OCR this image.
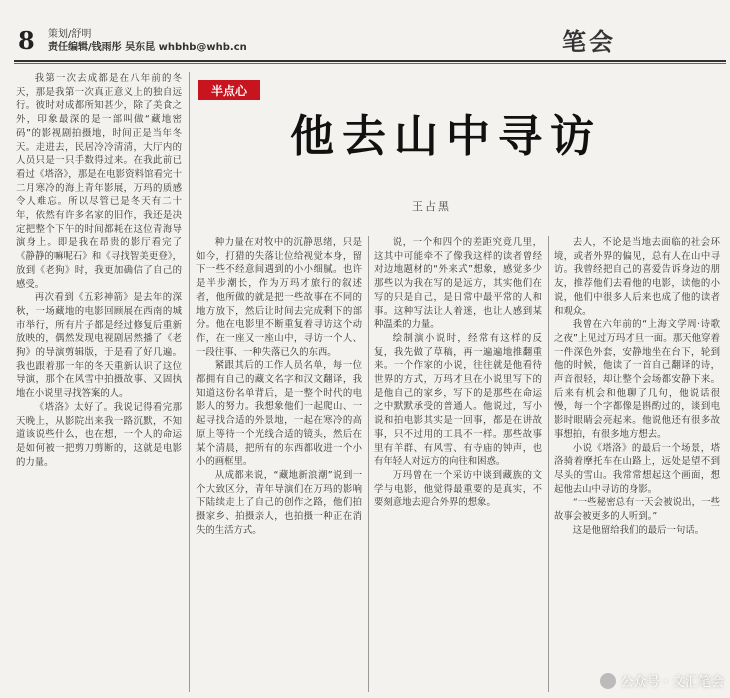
8 策划/舒明
责任编辑/钱雨彤 吴东昆 whbhb@whb.cn	笔会
半点心
他去山中寻访
王占黑

我第一次去成都是在八年前的冬天，那是我第一次真正意义上的独自远行。彼时对成都所知甚少，除了美食之外，印象最深的是一部叫做“藏地密码”的影视剧拍摄地，时间正是当年冬天。走进去，民居冷冷清清，大厅内的人员只是一只手数得过来。在我此前已看过《塔洛》，那是在电影资料馆看完十二月寒冷的海上青年影展，万玛的质感令人难忘。所以尽管已是冬天有二十年，依然有许多名家的旧作，我还是决定把整个下午的时间都耗在这位青海导演身上。即是我在昂贵的影厅看完了《静静的嘛呢石》和《寻找智美更登》，放到《老狗》时，我更加确信了自己的感受。

再次看到《五彩神箭》是去年的深秋，一场藏地的电影回顾展在西南的城市举行，所有片子都是经过修复后重新放映的，偶然发现电视剧居然播了《老狗》的导演剪辑版，于是看了好几遍。我也跟着那一年的冬天重新认识了这位导演，那个在风雪中拍摄故事、又固执地在小说里寻找答案的人。

《塔洛》太好了。我说记得看完那天晚上，从影院出来我一路沉默，不知道该说些什么，也在想，一个人的命运是如何被一把剪刀剪断的，这就是电影的力量。

种力量在对牧中的沉静思绪，只是如今，打猎的失落让位给视觉本身，留下一些不经意间遇到的小小细腻。也许是半步潮长，作为万玛才旅行的叙述者，他所做的就是把一些故事在不同的地方放下，然后让时间去完成剩下的部分。他在电影里不断重复着寻访这个动作，在一座又一座山中，寻访一个人、一段往事、一种失落已久的东西。

紧跟其后的工作人员名单，每一位都拥有自己的藏文名字和汉文翻译，我知道这份名单背后，是一整个时代的电影人的努力。我想象他们一起爬山、一起寻找合适的外景地，一起在寒冷的高原上等待一个光线合适的镜头，然后在某个清晨，把所有的东西都收进一个小小的画框里。

从成都来说，“藏地新浪潮”说到一个大致区分，青年导演们在万玛的影响下陆续走上了自己的创作之路，他们拍摄家乡、拍摄亲人，也拍摄一种正在消失的生活方式。

说，一个和四个的差距究竟几里，这其中可能牵不了像我这样的读者曾经对边地题材的“外来式”想象，感觉多少那些以为我在写的是远方，其实他们在写的只是自己，是日常中最平常的人和事。这种写法让人着迷，也让人感到某种温柔的力量。

绘制演小说时，经常有这样的反复，我先做了草稿，再一遍遍地推翻重来。一个作家的小说，往往就是他看待世界的方式，万玛才旦在小说里写下的是他自己的家乡，写下的是那些在命运之中默默承受的普通人。他说过，写小说和拍电影其实是一回事，都是在讲故事，只不过用的工具不一样。那些故事里有羊群、有风雪、有寺庙的钟声，也有年轻人对远方的向往和困惑。

万玛曾在一个采访中谈到藏族的文学与电影，他觉得最重要的是真实，不要刻意地去迎合外界的想象。

去人，不论是当地去面临的社会环境，或者外界的偏见，总有人在山中寻访。我曾经把自己的喜爱告诉身边的朋友，推荐他们去看他的电影，读他的小说，他们中很多人后来也成了他的读者和观众。

我曾在六年前的“上海文学周·诗歌之夜”上见过万玛才旦一面。那天他穿着一件深色外套，安静地坐在台下，轮到他的时候，他读了一首自己翻译的诗，声音很轻，却让整个会场都安静下来。后来有机会和他聊了几句，他说话很慢，每一个字都像是斟酌过的，谈到电影时眼睛会亮起来。他说他还有很多故事想拍，有很多地方想去。

小说《塔洛》的最后一个场景，塔洛骑着摩托车在山路上，远处是望不到尽头的雪山。我常常想起这个画面，想起他去山中寻访的身影。

“一些秘密总有一天会被说出，一些故事会被更多的人听到。”

这是他留给我们的最后一句话。

公众号 · 文汇笔会
